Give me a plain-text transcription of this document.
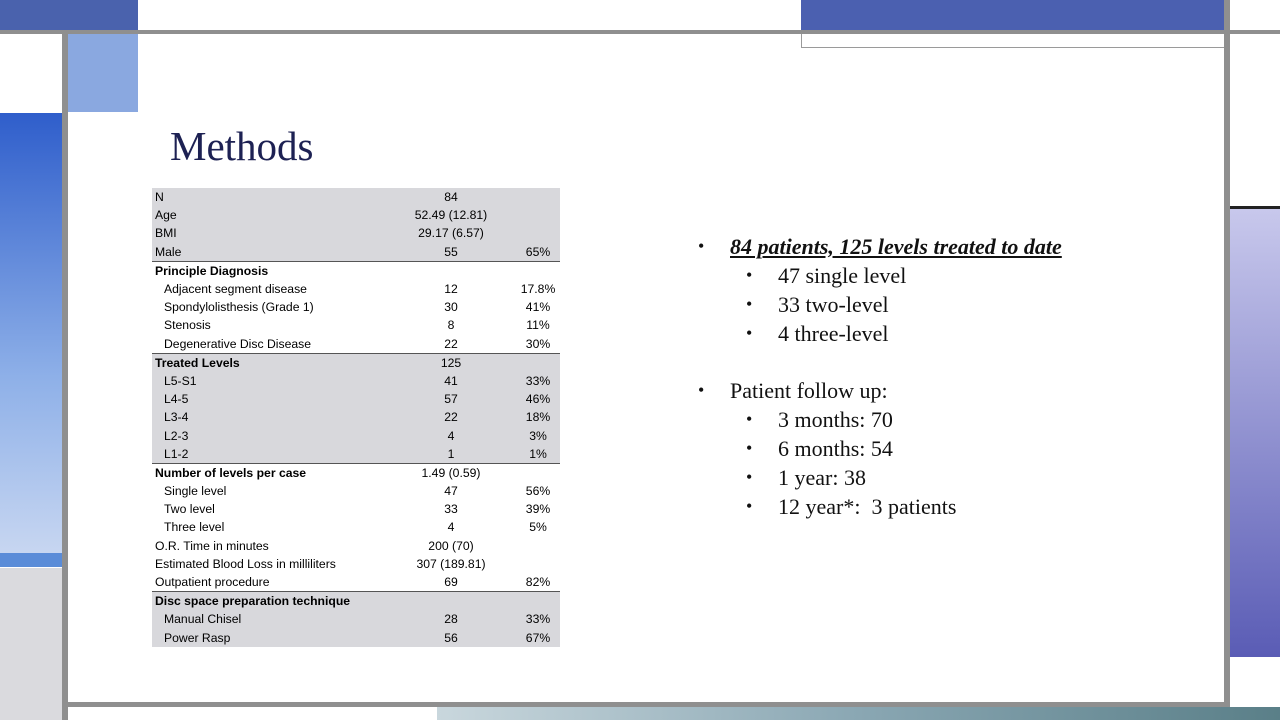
Methods
N	84	
Age	52.49 (12.81)	
BMI	29.17 (6.57)	
Male	55	65%
Principle Diagnosis		
Adjacent segment disease	12	17.8%
Spondylolisthesis (Grade 1)	30	41%
Stenosis	8	11%
Degenerative Disc Disease	22	30%
Treated Levels	125	
L5-S1	41	33%
L4-5	57	46%
L3-4	22	18%
L2-3	4	3%
L1-2	1	1%
Number of levels per case	1.49 (0.59)	
Single level	47	56%
Two level	33	39%
Three level	4	5%
O.R. Time in minutes	200 (70)	
Estimated Blood Loss in milliliters	307 (189.81)	
Outpatient procedure	69	82%
Disc space preparation technique		
Manual Chisel	28	33%
Power Rasp	56	67%
• 84 patients, 125 levels treated to date
• 47 single level
• 33 two-level
• 4 three-level
• Patient follow up:
• 3 months: 70
• 6 months: 54
• 1 year: 38
• 12 year*:  3 patients
